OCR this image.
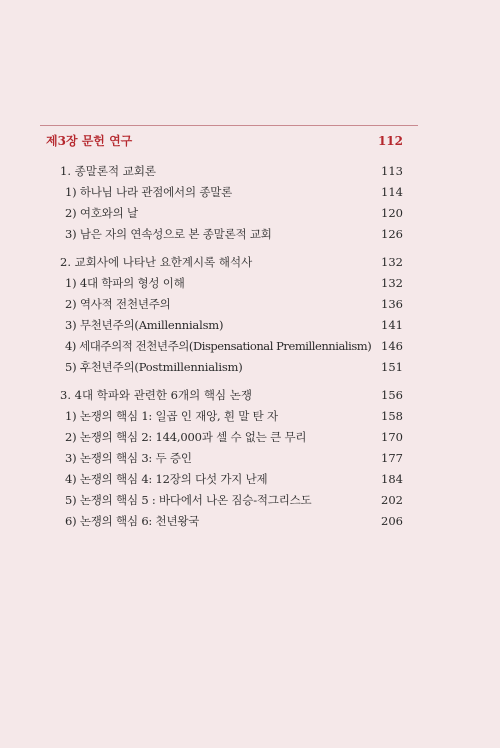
제3장 문헌 연구	112
1. 종말론적 교회론	113
1) 하나님 나라 관점에서의 종말론	114
2) 여호와의 날	120
3) 남은 자의 연속성으로 본 종말론적 교회	126
2. 교회사에 나타난 요한계시록 해석사	132
1) 4대 학파의 형성 이해	132
2) 역사적 전천년주의	136
3) 무천년주의(Amillennialsm)	141
4) 세대주의적 전천년주의(Dispensational Premillennialism) 146
5) 후천년주의(Postmillennialism)	151
3. 4대 학파와 관련한 6개의 핵심 논쟁	156
1) 논쟁의 핵심 1: 일곱 인 재앙, 흰 말 탄 자	158
2) 논쟁의 핵심 2: 144,000과 셀 수 없는 큰 무리	170
3) 논쟁의 핵심 3: 두 증인	177
4) 논쟁의 핵심 4: 12장의 다섯 가지 난제	184
5) 논쟁의 핵심 5 : 바다에서 나온 짐승-적그리스도	202
6) 논쟁의 핵심 6: 천년왕국	206
